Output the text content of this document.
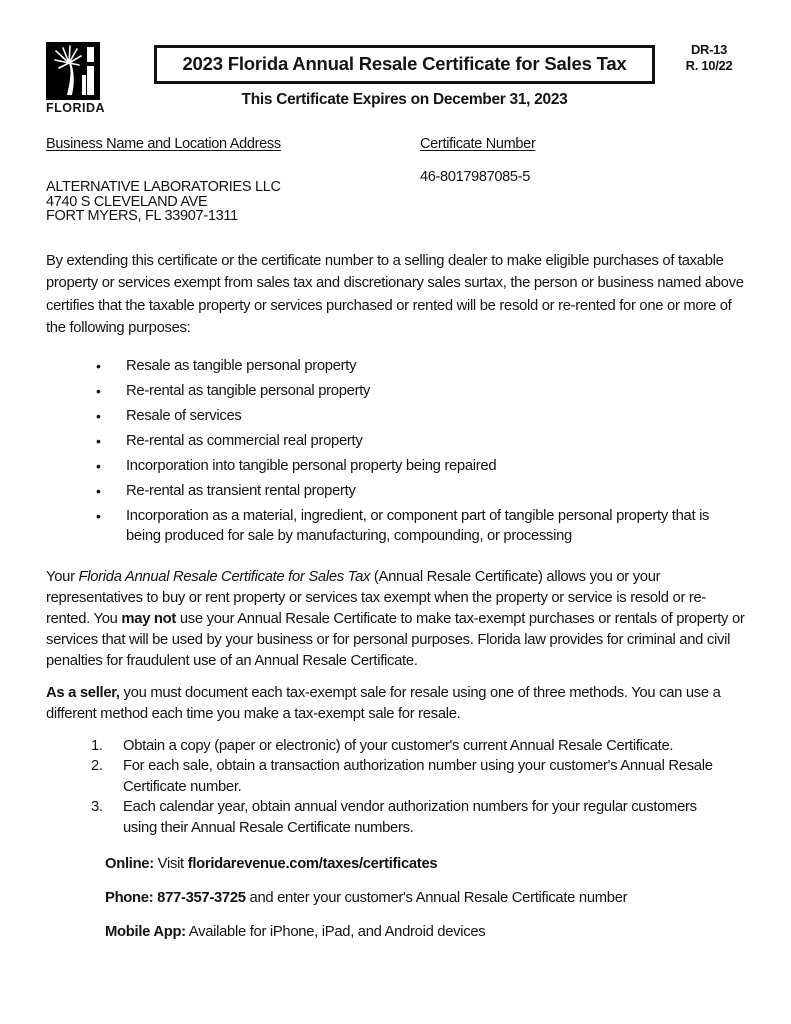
FLORIDA
2023 Florida Annual Resale Certificate for Sales Tax
This Certificate Expires on December 31, 2023
DR-13
R. 10/22
Business Name and Location Address
ALTERNATIVE LABORATORIES LLC
4740 S CLEVELAND AVE
FORT MYERS, FL 33907-1311
Certificate Number
46-8017987085-5

By extending this certificate or the certificate number to a selling dealer to make eligible purchases of taxable property or services exempt from sales tax and discretionary sales surtax, the person or business named above certifies that the taxable property or services purchased or rented will be resold or re-rented for one or more of the following purposes:

•	Resale as tangible personal property
•	Re-rental as tangible personal property
•	Resale of services
•	Re-rental as commercial real property
•	Incorporation into tangible personal property being repaired
•	Re-rental as transient rental property
•	Incorporation as a material, ingredient, or component part of tangible personal property that is being produced for sale by manufacturing, compounding, or processing

Your Florida Annual Resale Certificate for Sales Tax (Annual Resale Certificate) allows you or your representatives to buy or rent property or services tax exempt when the property or service is resold or re-rented. You may not use your Annual Resale Certificate to make tax-exempt purchases or rentals of property or services that will be used by your business or for personal purposes. Florida law provides for criminal and civil penalties for fraudulent use of an Annual Resale Certificate.

As a seller, you must document each tax-exempt sale for resale using one of three methods. You can use a different method each time you make a tax-exempt sale for resale.

1.	Obtain a copy (paper or electronic) of your customer's current Annual Resale Certificate.
2.	For each sale, obtain a transaction authorization number using your customer's Annual Resale Certificate number.
3.	Each calendar year, obtain annual vendor authorization numbers for your regular customers using their Annual Resale Certificate numbers.

Online: Visit floridarevenue.com/taxes/certificates

Phone: 877-357-3725 and enter your customer's Annual Resale Certificate number

Mobile App: Available for iPhone, iPad, and Android devices
